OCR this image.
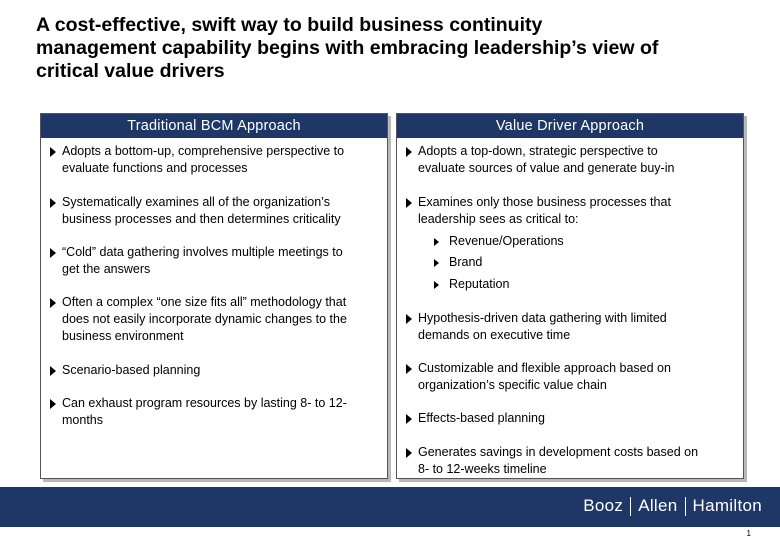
A cost-effective, swift way to build business continuity
management capability begins with embracing leadership’s view of
critical value drivers
Traditional BCM Approach
Adopts a bottom-up, comprehensive perspective to
evaluate functions and processes
Systematically examines all of the organization’s
business processes and then determines criticality
“Cold” data gathering involves multiple meetings to
get the answers
Often a complex “one size fits all” methodology that
does not easily incorporate dynamic changes to the
business environment
Scenario-based planning
Can exhaust program resources by lasting 8- to 12-
months
Value Driver Approach
Adopts a top-down, strategic perspective to
evaluate sources of value and generate buy-in
Examines only those business processes that
leadership sees as critical to:
Revenue/Operations
Brand
Reputation
Hypothesis-driven data gathering with limited
demands on executive time
Customizable and flexible approach based on
organization’s specific value chain
Effects-based planning
Generates savings in development costs based on
8- to 12-weeks timeline
Booz Allen Hamilton
1
